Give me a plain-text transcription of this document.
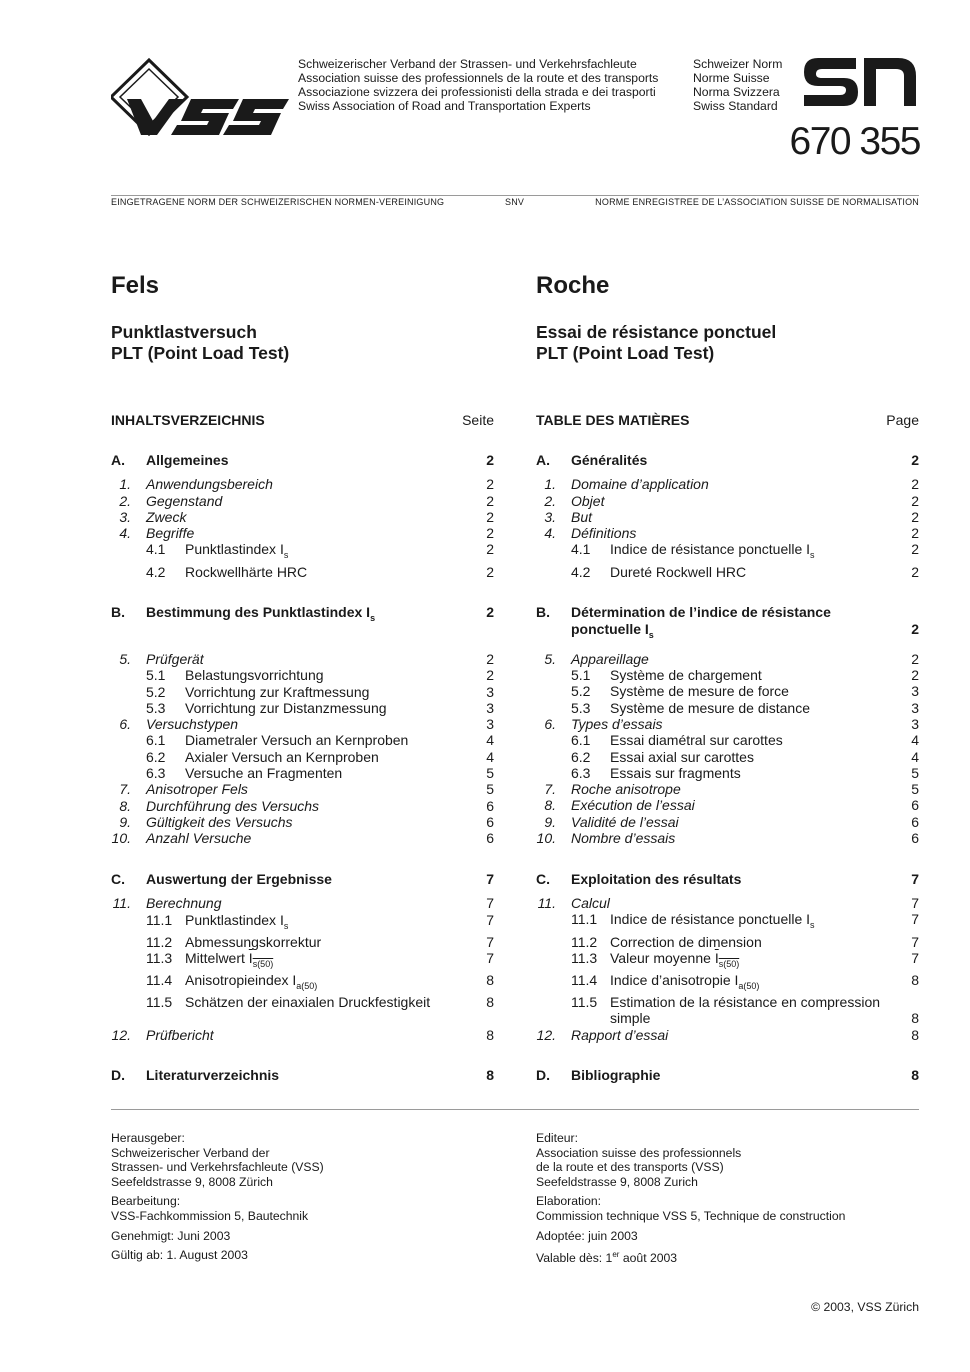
Schweizerischer Verband der Strassen- und Verkehrsfachleute
Association suisse des professionnels de la route et des transports
Associazione svizzera dei professionisti della strada e dei trasporti
Swiss Association of Road and Transportation Experts
Schweizer Norm
Norme Suisse
Norma Svizzera
Swiss Standard
670 355
EINGETRAGENE NORM DER SCHWEIZERISCHEN NORMEN-VEREINIGUNG	SNV	NORME ENREGISTREE DE L’ASSOCIATION SUISSE DE NORMALISATION
Fels	Roche
Punktlastversuch
PLT (Point Load Test)
Essai de résistance ponctuel
PLT (Point Load Test)
INHALTSVERZEICHNIS	Seite	TABLE DES MATIÈRES	Page
A.	Allgemeines	2
1. Anwendungsbereich	2
2. Gegenstand	2
3. Zweck	2
4. Begriffe	2
4.1	Punktlastindex $I_s$	2
4.2	Rockwellhärte HRC	2
B.	Bestimmung des Punktlastindex $I_s$	2
5. Prüfgerät	2
5.1	Belastungsvorrichtung	2
5.2	Vorrichtung zur Kraftmessung	3
5.3	Vorrichtung zur Distanzmessung	3
6. Versuchstypen	3
6.1	Diametraler Versuch an Kernproben	4
6.2	Axialer Versuch an Kernproben	4
6.3	Versuche an Fragmenten	5
7. Anisotroper Fels	5
8. Durchführung des Versuchs	6
9. Gültigkeit des Versuchs	6
10. Anzahl Versuche	6
C.	Auswertung der Ergebnisse	7
11. Berechnung	7
11.1 Punktlastindex $I_s$	7
11.2 Abmessungskorrektur	7
11.3 Mittelwert $I_{s(50)}$	7
11.4 Anisotropieindex $I_{a(50)}$	8
11.5 Schätzen der einaxialen Druckfestigkeit	8
12. Prüfbericht	8
D.	Literaturverzeichnis	8
A.	Généralités	2
1. Domaine d’application	2
2. Objet	2
3. But	2
4. Définitions	2
4.1	Indice de résistance ponctuelle $I_s$	2
4.2	Dureté Rockwell HRC	2
B.	Détermination de l’indice de résistance
ponctuelle $I_s$	2
5. Appareillage	2
5.1	Système de chargement	2
5.2	Système de mesure de force	3
5.3	Système de mesure de distance	3
6. Types d’essais	3
6.1	Essai diamétral sur carottes	4
6.2	Essai axial sur carottes	4
6.3	Essais sur fragments	5
7. Roche anisotrope	5
8. Exécution de l’essai	6
9. Validité de l’essai	6
10. Nombre d’essais	6
C.	Exploitation des résultats	7
11. Calcul	7
11.1 Indice de résistance ponctuelle $I_s$	7
11.2 Correction de dimension	7
11.3 Valeur moyenne $I_{s(50)}$	7
11.4 Indice d’anisotropie $I_{a(50)}$	8
11.5 Estimation de la résistance en compression
simple	8
12. Rapport d’essai	8
D.	Bibliographie	8
Herausgeber:
Schweizerischer Verband der
Strassen- und Verkehrsfachleute (VSS)
Seefeldstrasse 9, 8008 Zürich
Bearbeitung:
VSS-Fachkommission 5, Bautechnik
Genehmigt: Juni 2003
Gültig ab: 1. August 2003
Editeur:
Association suisse des professionnels
de la route et des transports (VSS)
Seefeldstrasse 9, 8008 Zurich
Elaboration:
Commission technique VSS 5, Technique de construction
Adoptée: juin 2003
Valable dès: 1er août 2003
© 2003, VSS Zürich
